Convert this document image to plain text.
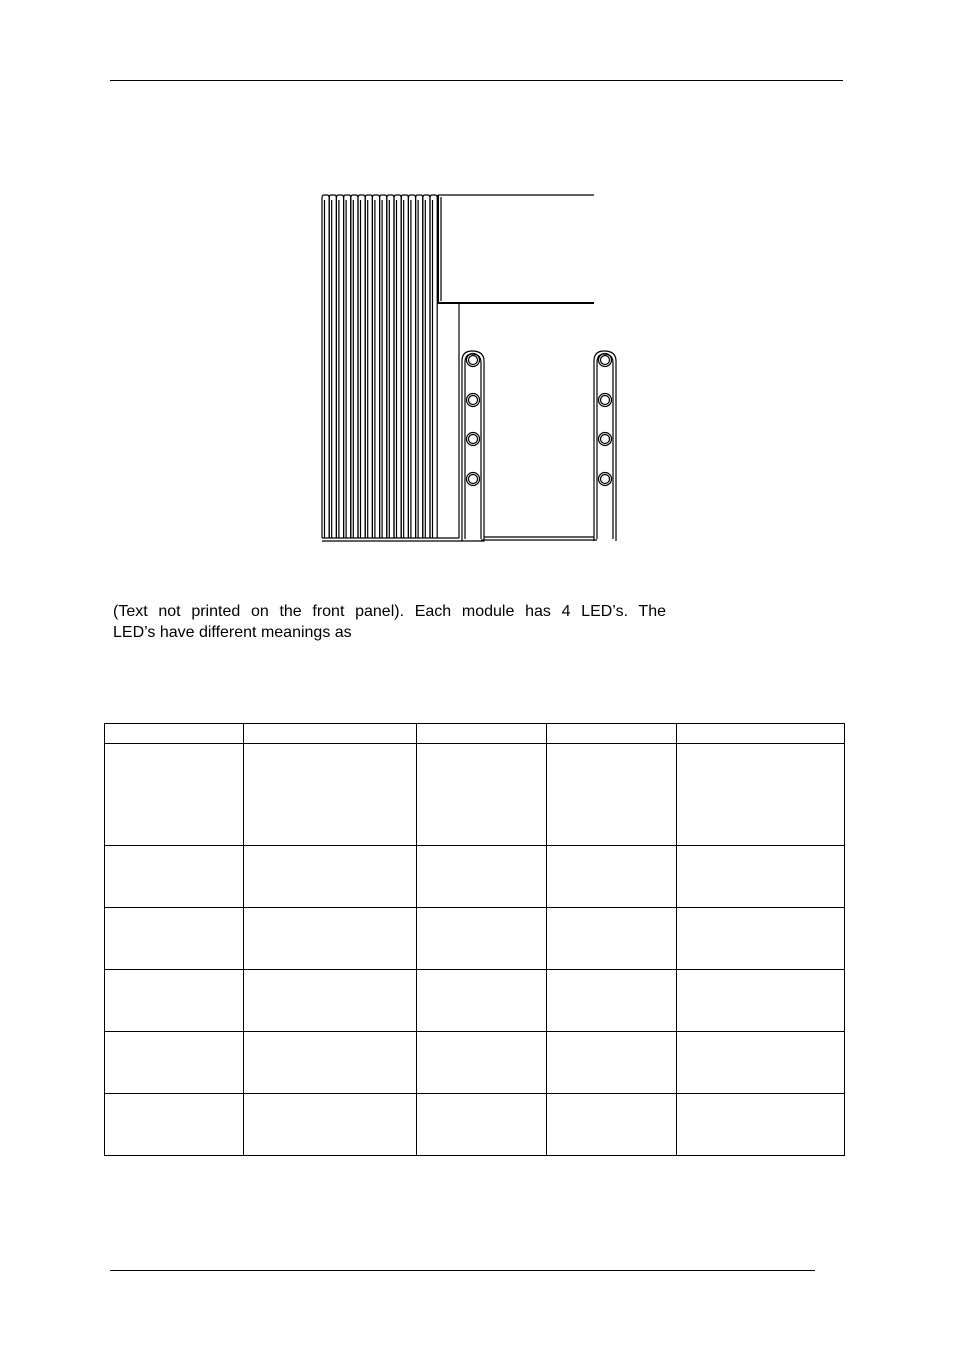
(Text not printed on the front panel). Each module has 4 LED’s. The
LED’s have different meanings as
